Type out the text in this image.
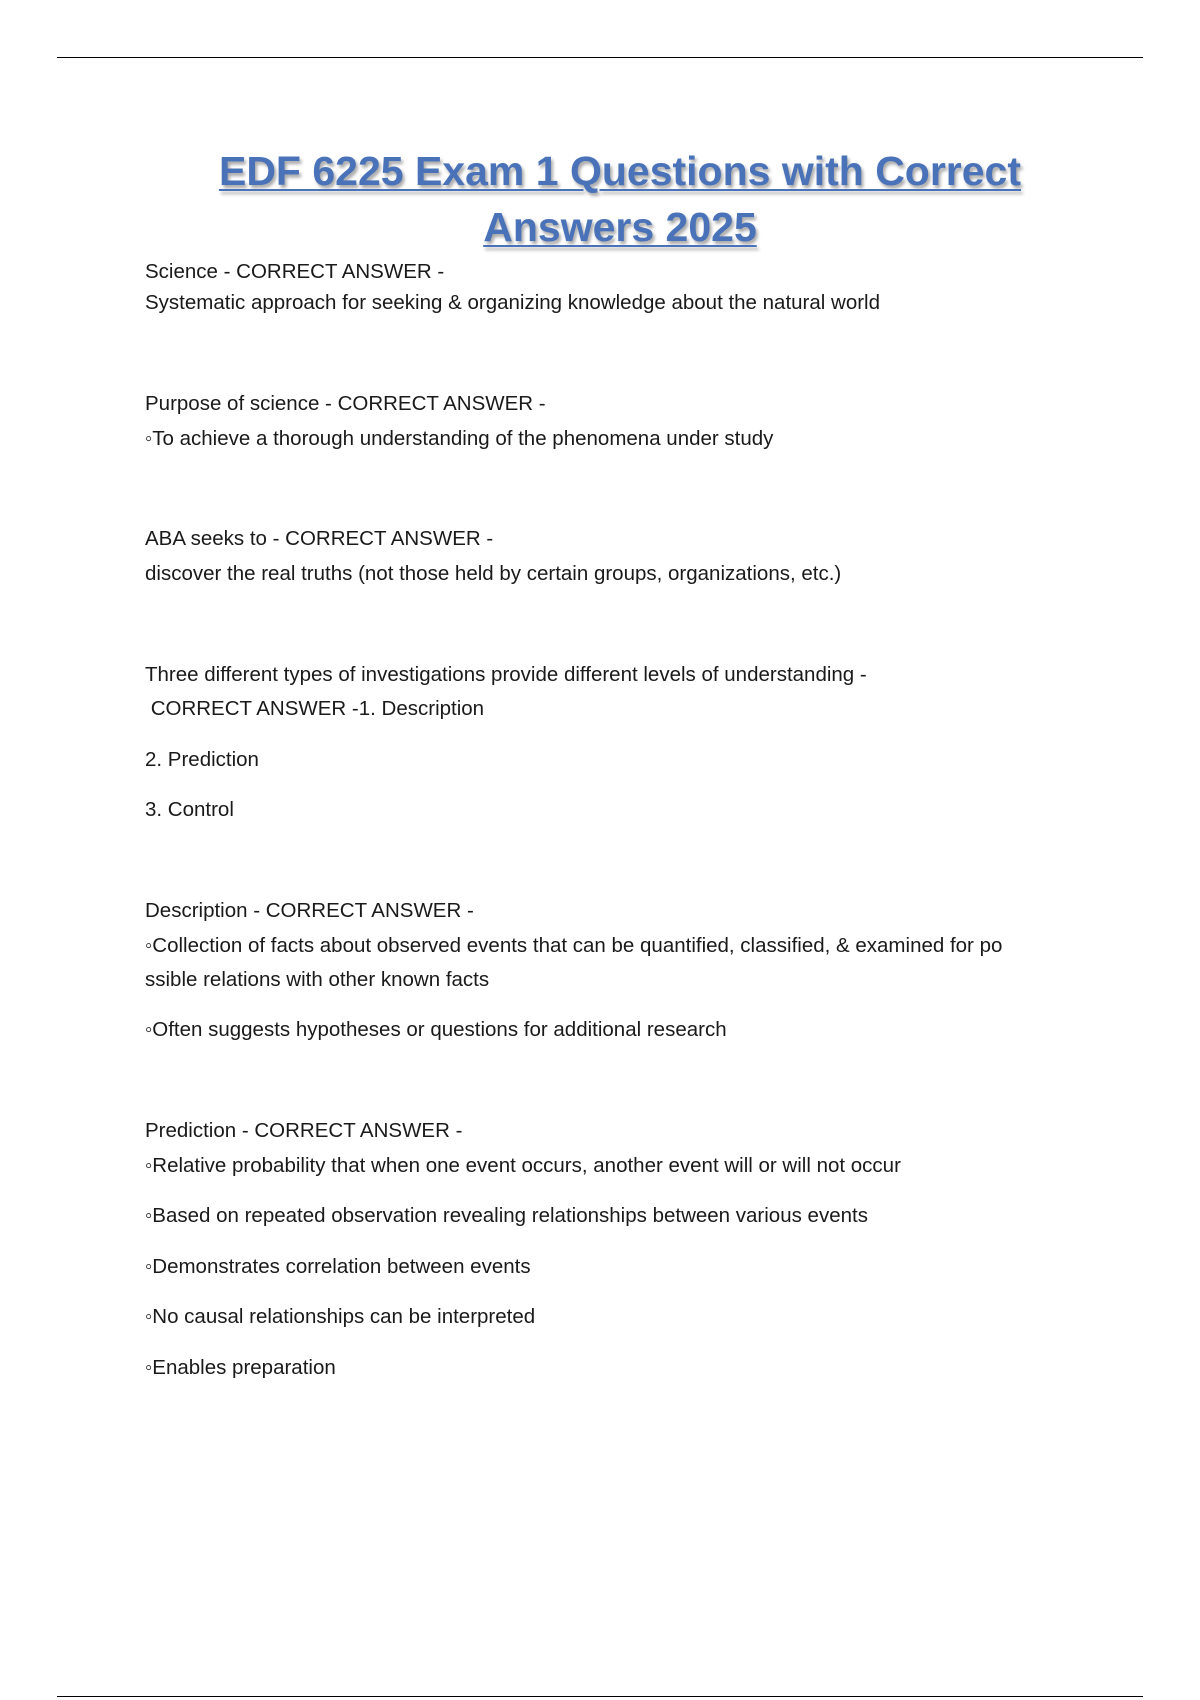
EDF 6225 Exam 1 Questions with Correct
Answers 2025

Science - CORRECT ANSWER -

Systematic approach for seeking & organizing knowledge about the natural world

Purpose of science - CORRECT ANSWER -

◦To achieve a thorough understanding of the phenomena under study

ABA seeks to - CORRECT ANSWER -

discover the real truths (not those held by certain groups, organizations, etc.)

Three different types of investigations provide different levels of understanding -

CORRECT ANSWER -1. Description

2. Prediction

3. Control

Description - CORRECT ANSWER -

◦Collection of facts about observed events that can be quantified, classified, & examined for po

ssible relations with other known facts

◦Often suggests hypotheses or questions for additional research

Prediction - CORRECT ANSWER -

◦Relative probability that when one event occurs, another event will or will not occur

◦Based on repeated observation revealing relationships between various events

◦Demonstrates correlation between events

◦No causal relationships can be interpreted

◦Enables preparation
